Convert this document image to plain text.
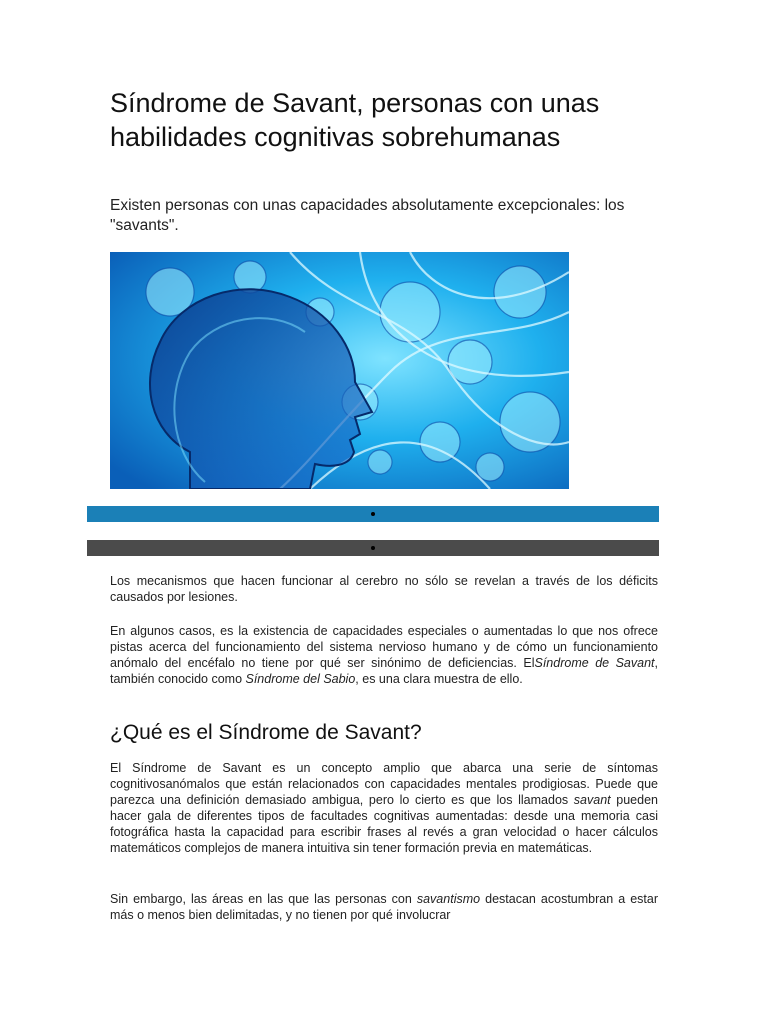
Síndrome de Savant, personas con unas habilidades cognitivas sobrehumanas

Existen personas con unas capacidades absolutamente excepcionales: los "savants".

Los mecanismos que hacen funcionar al cerebro no sólo se revelan a través de los déficits causados por lesiones.

En algunos casos, es la existencia de capacidades especiales o aumentadas lo que nos ofrece pistas acerca del funcionamiento del sistema nervioso humano y de cómo un funcionamiento anómalo del encéfalo no tiene por qué ser sinónimo de deficiencias. ElSíndrome de Savant, también conocido como Síndrome del Sabio, es una clara muestra de ello.

¿Qué es el Síndrome de Savant?

El Síndrome de Savant es un concepto amplio que abarca una serie de síntomas cognitivosanómalos que están relacionados con capacidades mentales prodigiosas. Puede que parezca una definición demasiado ambigua, pero lo cierto es que los llamados savant pueden hacer gala de diferentes tipos de facultades cognitivas aumentadas: desde una memoria casi fotográfica hasta la capacidad para escribir frases al revés a gran velocidad o hacer cálculos matemáticos complejos de manera intuitiva sin tener formación previa en matemáticas.

Sin embargo, las áreas en las que las personas con savantismo destacan acostumbran a estar más o menos bien delimitadas, y no tienen por qué involucrar
